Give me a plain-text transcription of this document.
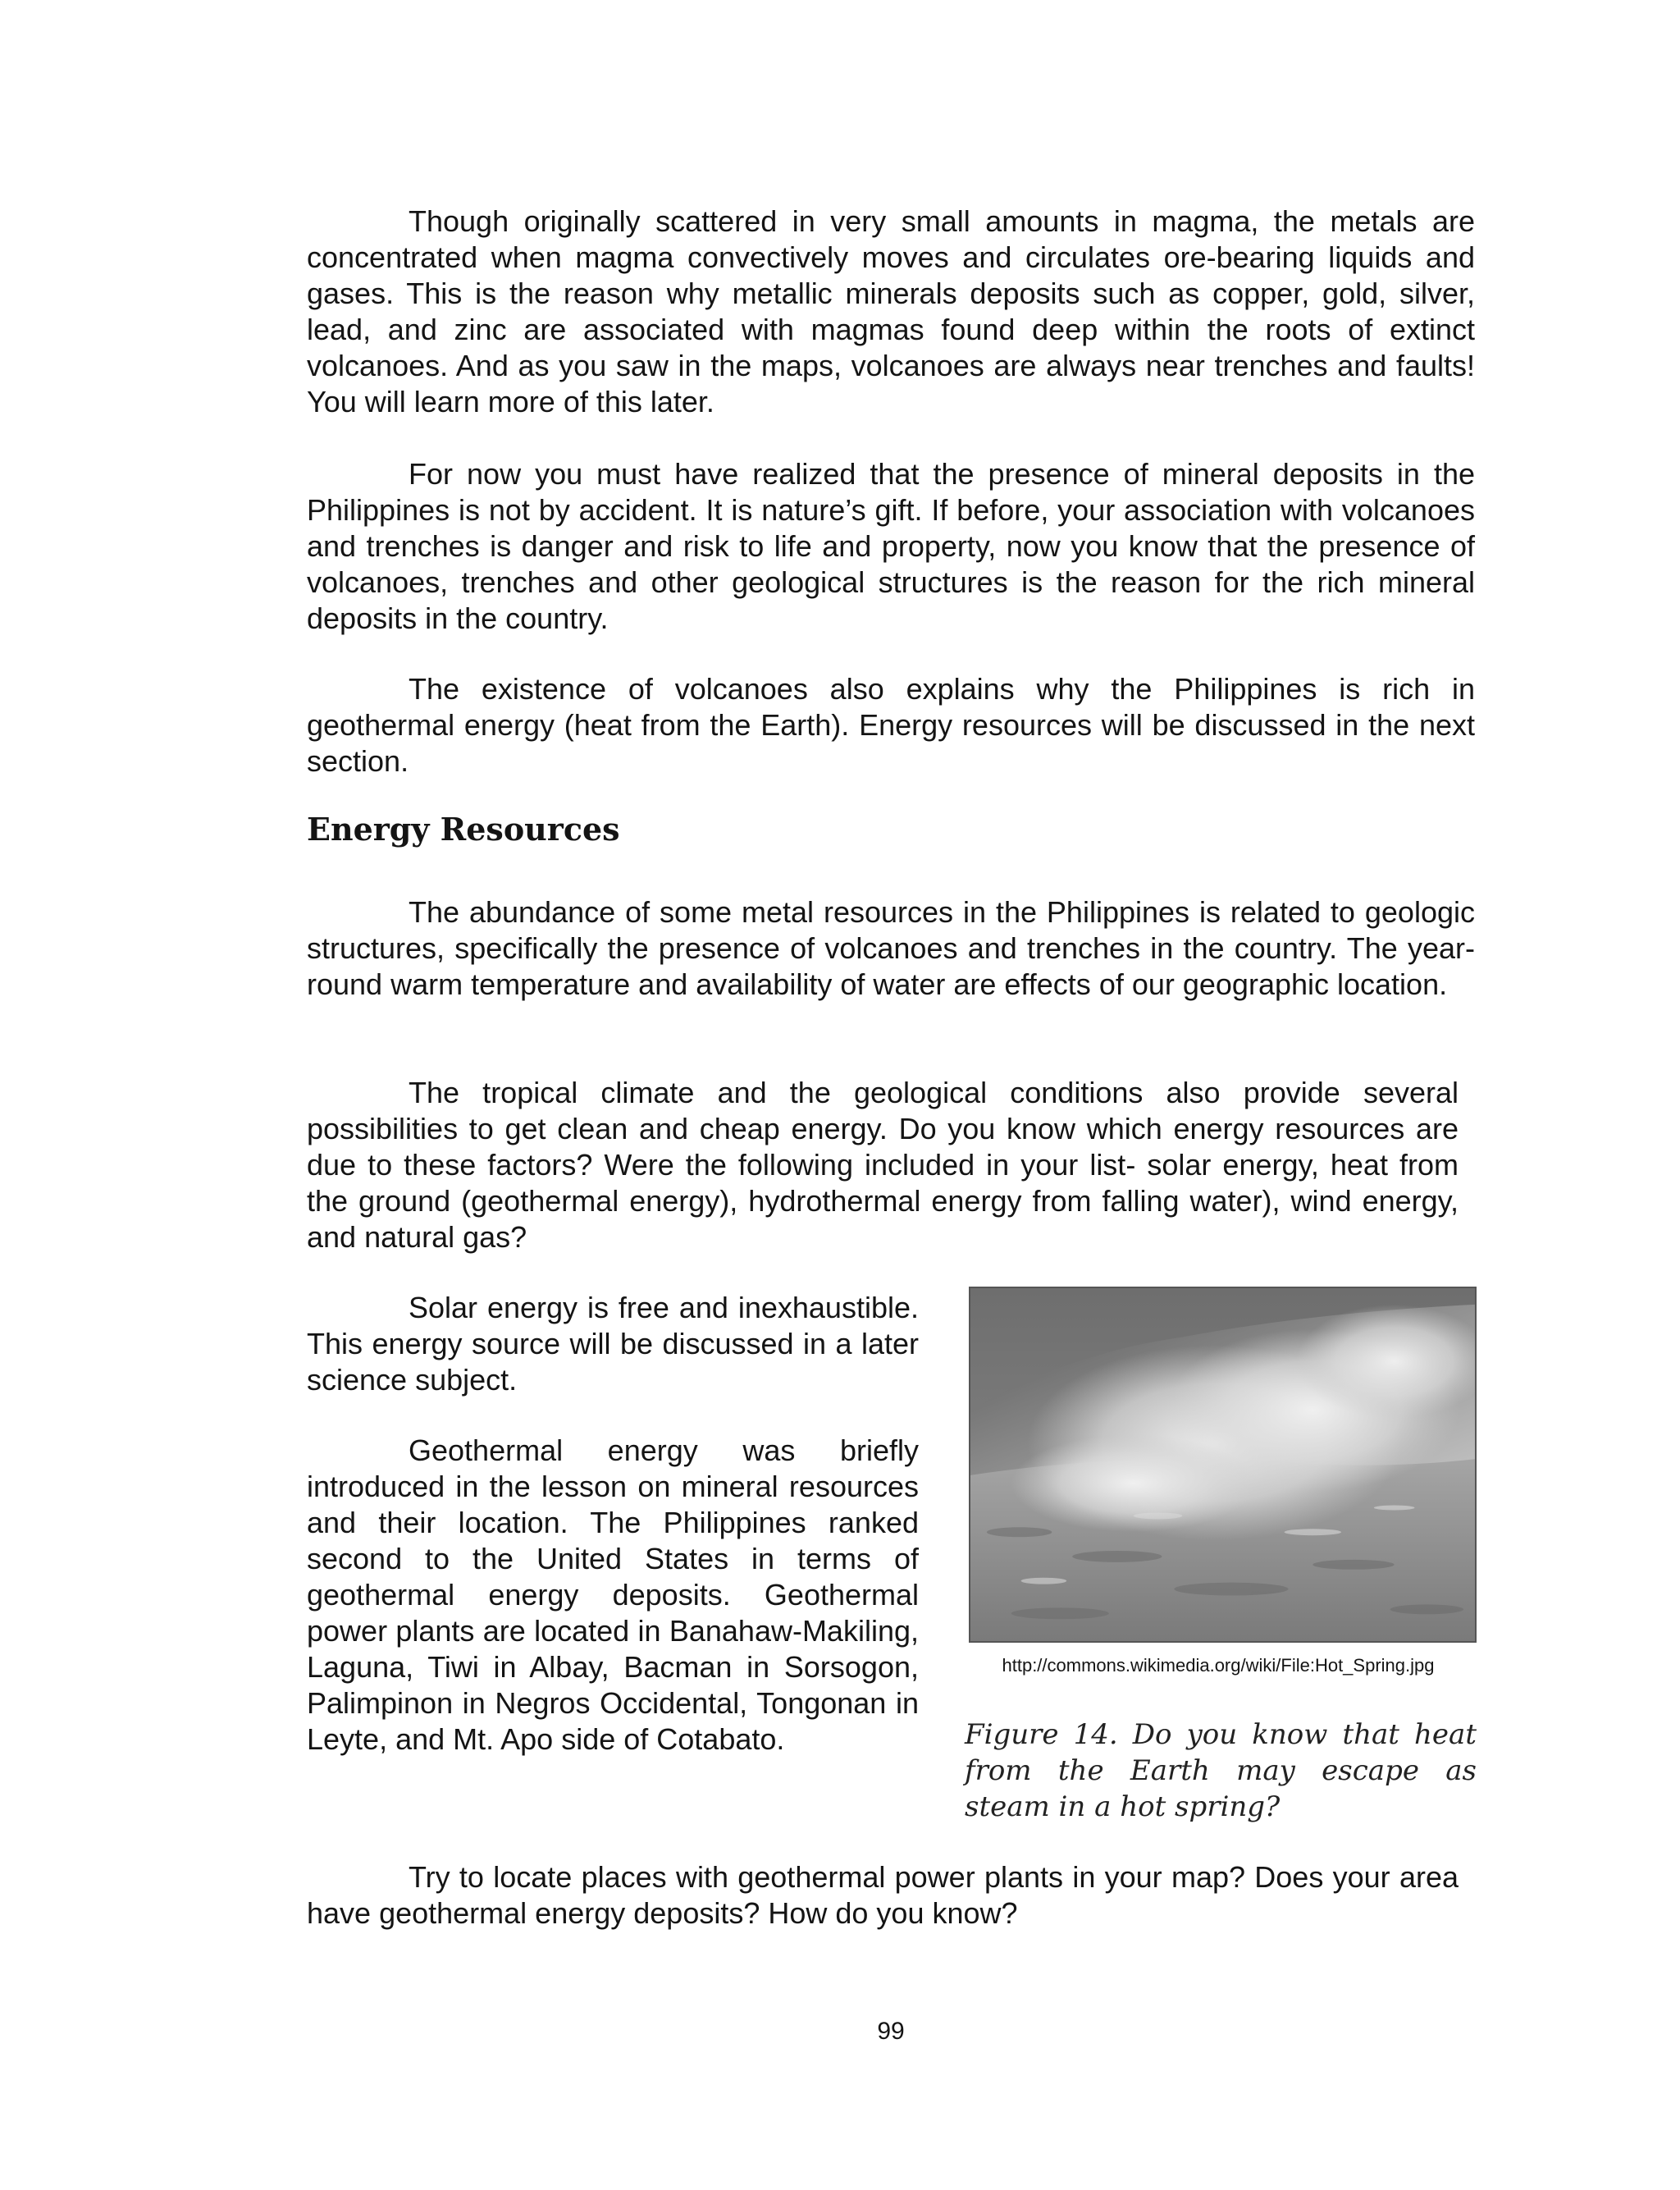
Though originally scattered in very small amounts in magma, the metals are concentrated when magma convectively moves and circulates ore-bearing liquids and gases. This is the reason why metallic minerals deposits such as copper, gold, silver, lead, and zinc are associated with magmas found deep within the roots of extinct volcanoes. And as you saw in the maps, volcanoes are always near trenches and faults! You will learn more of this later.

For now you must have realized that the presence of mineral deposits in the Philippines is not by accident. It is nature’s gift. If before, your association with volcanoes and trenches is danger and risk to life and property, now you know that the presence of volcanoes, trenches and other geological structures is the reason for the rich mineral deposits in the country.

The existence of volcanoes also explains why the Philippines is rich in geothermal energy (heat from the Earth). Energy resources will be discussed in the next section.

Energy Resources

The abundance of some metal resources in the Philippines is related to geologic structures, specifically the presence of volcanoes and trenches in the country. The year-round warm temperature and availability of water are effects of our geographic location.

The tropical climate and the geological conditions also provide several possibilities to get clean and cheap energy. Do you know which energy resources are due to these factors? Were the following included in your list- solar energy, heat from the ground (geothermal energy), hydrothermal energy from falling water), wind energy, and natural gas?

Solar energy is free and inexhaustible. This energy source will be discussed in a later science subject.

Geothermal energy was briefly introduced in the lesson on mineral resources and their location. The Philippines ranked second to the United States in terms of geothermal energy deposits. Geothermal power plants are located in Banahaw-Makiling, Laguna, Tiwi in Albay, Bacman in Sorsogon, Palimpinon in Negros Occidental, Tongonan in Leyte, and Mt. Apo side of Cotabato.

http://commons.wikimedia.org/wiki/File:Hot_Spring.jpg

Figure 14. Do you know that heat from the Earth may escape as steam in a hot spring?

Try to locate places with geothermal power plants in your map? Does your area have geothermal energy deposits? How do you know?

99
